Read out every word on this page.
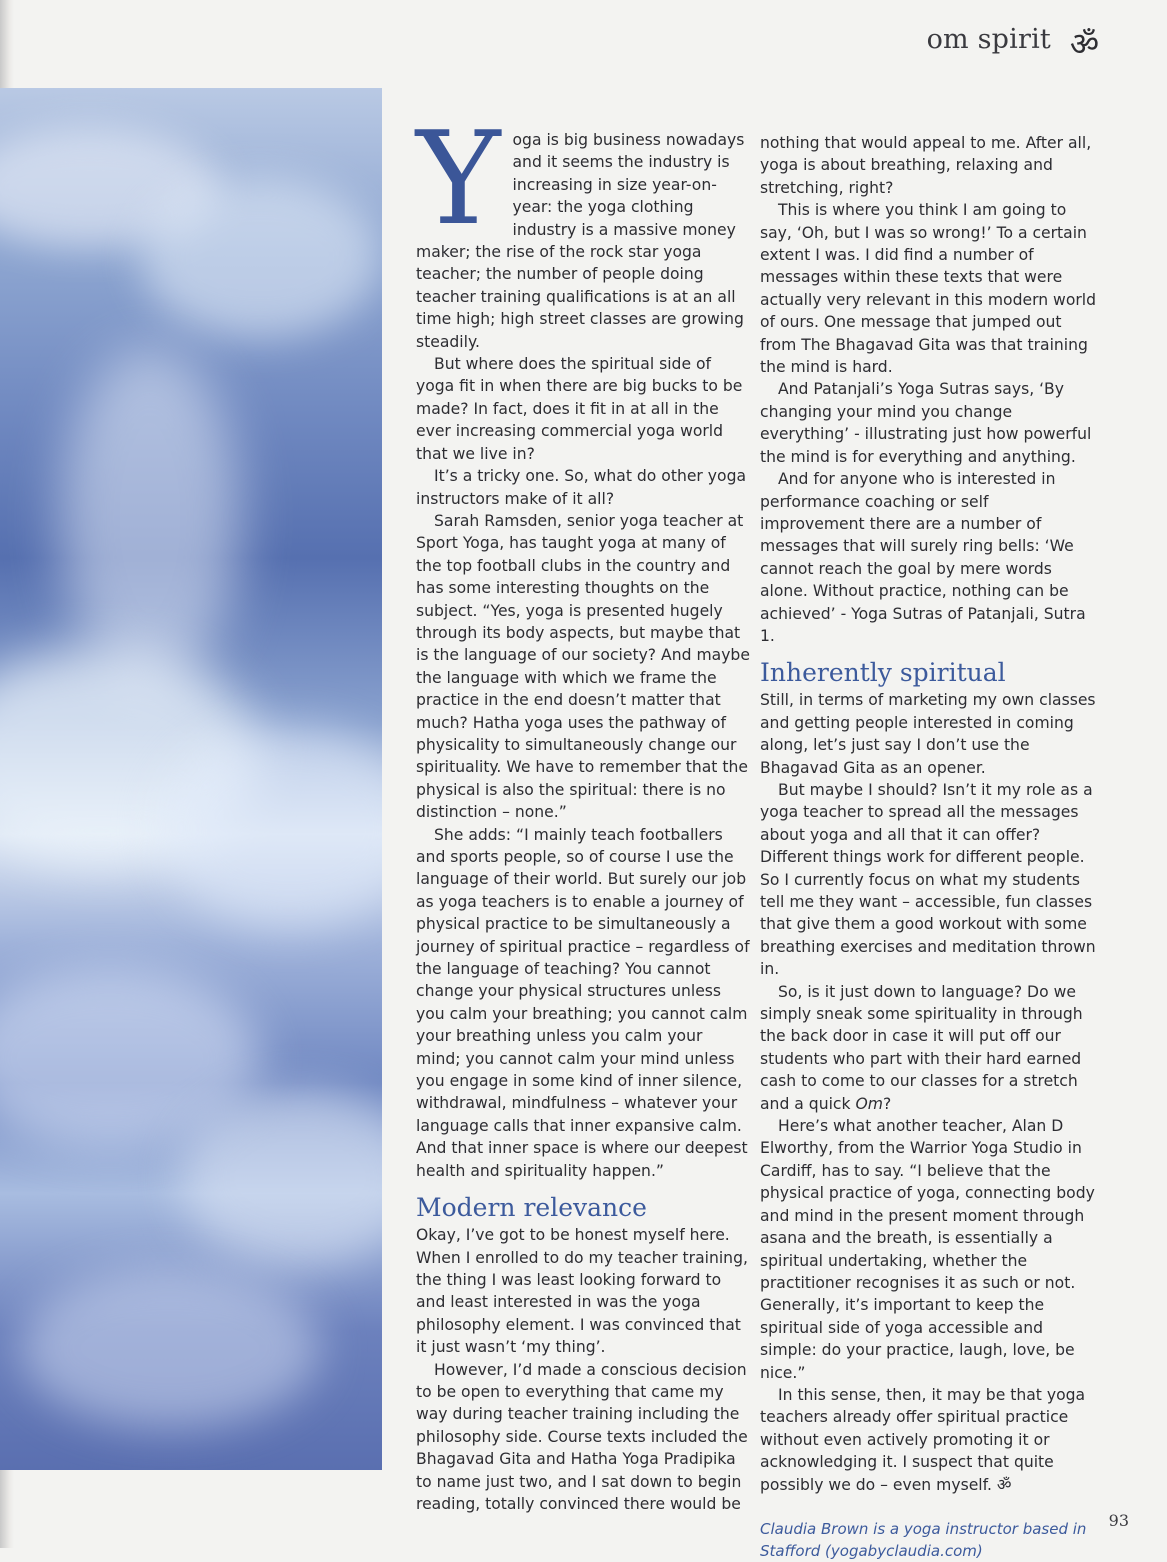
om spirit ॐ

Yoga is big business nowadays and it seems the industry is increasing in size year-on-year: the yoga clothing industry is a massive money maker; the rise of the rock star yoga teacher; the number of people doing teacher training qualifications is at an all time high; high street classes are growing steadily.

But where does the spiritual side of yoga fit in when there are big bucks to be made? In fact, does it fit in at all in the ever increasing commercial yoga world that we live in?

It’s a tricky one. So, what do other yoga instructors make of it all?

Sarah Ramsden, senior yoga teacher at Sport Yoga, has taught yoga at many of the top football clubs in the country and has some interesting thoughts on the subject. “Yes, yoga is presented hugely through its body aspects, but maybe that is the language of our society? And maybe the language with which we frame the practice in the end doesn’t matter that much? Hatha yoga uses the pathway of physicality to simultaneously change our spirituality. We have to remember that the physical is also the spiritual: there is no distinction – none.”

She adds: “I mainly teach footballers and sports people, so of course I use the language of their world. But surely our job as yoga teachers is to enable a journey of physical practice to be simultaneously a journey of spiritual practice – regardless of the language of teaching? You cannot change your physical structures unless you calm your breathing; you cannot calm your breathing unless you calm your mind; you cannot calm your mind unless you engage in some kind of inner silence, withdrawal, mindfulness – whatever your language calls that inner expansive calm. And that inner space is where our deepest health and spirituality happen.”

Modern relevance

Okay, I’ve got to be honest myself here. When I enrolled to do my teacher training, the thing I was least looking forward to and least interested in was the yoga philosophy element. I was convinced that it just wasn’t ‘my thing’.

However, I’d made a conscious decision to be open to everything that came my way during teacher training including the philosophy side. Course texts included the Bhagavad Gita and Hatha Yoga Pradipika to name just two, and I sat down to begin reading, totally convinced there would be

nothing that would appeal to me. After all, yoga is about breathing, relaxing and stretching, right?

This is where you think I am going to say, ‘Oh, but I was so wrong!’ To a certain extent I was. I did find a number of messages within these texts that were actually very relevant in this modern world of ours. One message that jumped out from The Bhagavad Gita was that training the mind is hard.

And Patanjali’s Yoga Sutras says, ‘By changing your mind you change everything’ - illustrating just how powerful the mind is for everything and anything.

And for anyone who is interested in performance coaching or self improvement there are a number of messages that will surely ring bells: ‘We cannot reach the goal by mere words alone. Without practice, nothing can be achieved’ - Yoga Sutras of Patanjali, Sutra 1.

Inherently spiritual

Still, in terms of marketing my own classes and getting people interested in coming along, let’s just say I don’t use the Bhagavad Gita as an opener.

But maybe I should? Isn’t it my role as a yoga teacher to spread all the messages about yoga and all that it can offer? Different things work for different people. So I currently focus on what my students tell me they want – accessible, fun classes that give them a good workout with some breathing exercises and meditation thrown in.

So, is it just down to language? Do we simply sneak some spirituality in through the back door in case it will put off our students who part with their hard earned cash to come to our classes for a stretch and a quick Om?

Here’s what another teacher, Alan D Elworthy, from the Warrior Yoga Studio in Cardiff, has to say. “I believe that the physical practice of yoga, connecting body and mind in the present moment through asana and the breath, is essentially a spiritual undertaking, whether the practitioner recognises it as such or not. Generally, it’s important to keep the spiritual side of yoga accessible and simple: do your practice, laugh, love, be nice.”

In this sense, then, it may be that yoga teachers already offer spiritual practice without even actively promoting it or acknowledging it. I suspect that quite possibly we do – even myself. ॐ

Claudia Brown is a yoga instructor based in Stafford (yogabyclaudia.com)
93
